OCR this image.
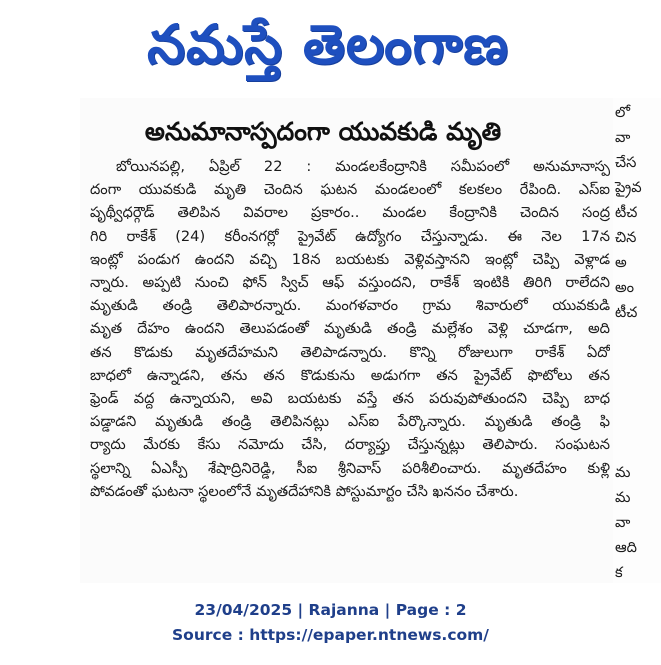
నమస్తే తెలంగాణ
అనుమానాస్పదంగా యువకుడి మృతి
బోయినపల్లి, ఏప్రిల్ 22 : మండలకేంద్రానికి సమీపంలో అనుమానాస్ప
దంగా యువకుడి మృతి చెందిన ఘటన మండలంలో కలకలం రేపింది. ఎస్ఐ
పృథ్వీధర్గౌడ్ తెలిపిన వివరాల ప్రకారం.. మండల కేంద్రానికి చెందిన సంద్ర
గిరి రాకేశ్ (24) కరీంనగర్లో ప్రైవేట్ ఉద్యోగం చేస్తున్నాడు. ఈ నెల 17న
ఇంట్లో పండుగ ఉందని వచ్చి 18న బయటకు వెళ్లివస్తానని ఇంట్లో చెప్పి వెళ్లాడ
న్నారు. అప్పటి నుంచి ఫోన్ స్విచ్ ఆఫ్ వస్తుందని, రాకేశ్ ఇంటికి తిరిగి రాలేదని
మృతుడి తండ్రి తెలిపారన్నారు. మంగళవారం గ్రామ శివారులో యువకుడి
మృత దేహం ఉందని తెలుపడంతో మృతుడి తండ్రి మల్లేశం వెళ్లి చూడగా, అది
తన కొడుకు మృతదేహమని తెలిపాడన్నారు. కొన్ని రోజులుగా రాకేశ్ ఏదో
బాధలో ఉన్నాడని, తను తన కొడుకును అడుగగా తన ప్రైవేట్ ఫొటోలు తన
ఫ్రెండ్ వద్ద ఉన్నాయని, అవి బయటకు వస్తే తన పరువుపోతుందని చెప్పి బాధ
పడ్డాడని మృతుడి తండ్రి తెలిపినట్లు ఎస్ఐ పేర్కొన్నారు. మృతుడి తండ్రి ఫి
ర్యాదు మేరకు కేసు నమోదు చేసి, దర్యాప్తు చేస్తున్నట్లు తెలిపారు. సంఘటన
స్థలాన్ని ఏఎస్పీ శేషాద్రినిరెడ్డి, సీఐ శ్రీనివాస్ పరిశీలించారు. మృతదేహం కుళ్లి
పోవడంతో ఘటనా స్థలంలోనే మృతదేహానికి పోస్టుమార్టం చేసి ఖననం చేశారు.
లో
వా
చేస
ప్రైవ
టీచ
చిన
అ
అం
టీచ
మ
మ
వా
ఆది
క
23/04/2025 | Rajanna | Page : 2
Source : https://epaper.ntnews.com/
